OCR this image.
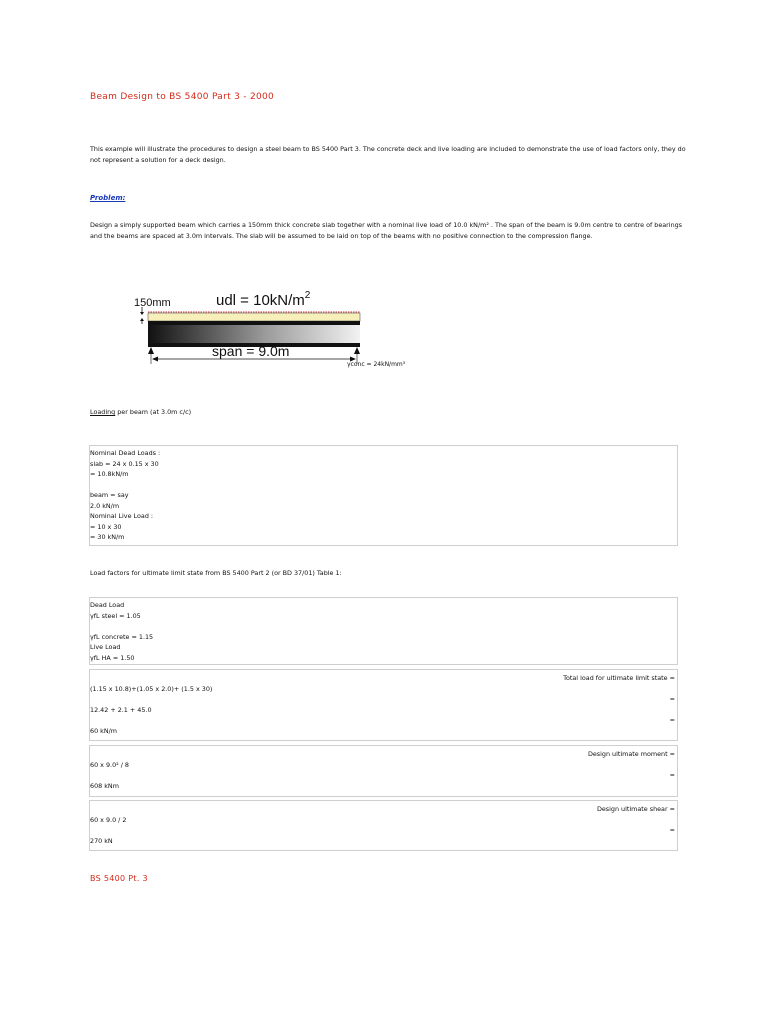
Beam Design to BS 5400 Part 3 - 2000
This example will illustrate the procedures to design a steel beam to BS 5400 Part 3. The concrete deck and live loading are included to demonstrate the use of load factors only, they do not represent a solution for a deck design.
Problem:
Design a simply supported beam which carries a 150mm thick concrete slab together with a nominal live load of 10.0 kN/m² . The span of the beam is 9.0m centre to centre of bearings and the beams are spaced at 3.0m intervals. The slab will be assumed to be laid on top of the beams with no positive connection to the compression flange.
150mm	udl = $10kN/m^2$
span = 9.0m
γconc = 24kN/mm³
Loading per beam (at 3.0m c/c)
Nominal Dead Loads :
slab = 24 x 0.15 x 30
= 10.8kN/m
beam = say
2.0 kN/m
Nominal Live Load :
= 10 x 30
= 30 kN/m
Load factors for ultimate limit state from BS 5400 Part 2 (or BD 37/01) Table 1:
Dead Load
γfL steel = 1.05
γfL concrete = 1.15
Live Load
γfL HA = 1.50
Total load for ultimate limit state =
(1.15 x 10.8)+(1.05 x 2.0)+ (1.5 x 30)
=
12.42 + 2.1 + 45.0
=
60 kN/m
Design ultimate moment =
60 x 9.0² / 8
=
608 kNm
Design ultimate shear =
60 x 9.0 / 2
=
270 kN
BS 5400 Pt. 3
